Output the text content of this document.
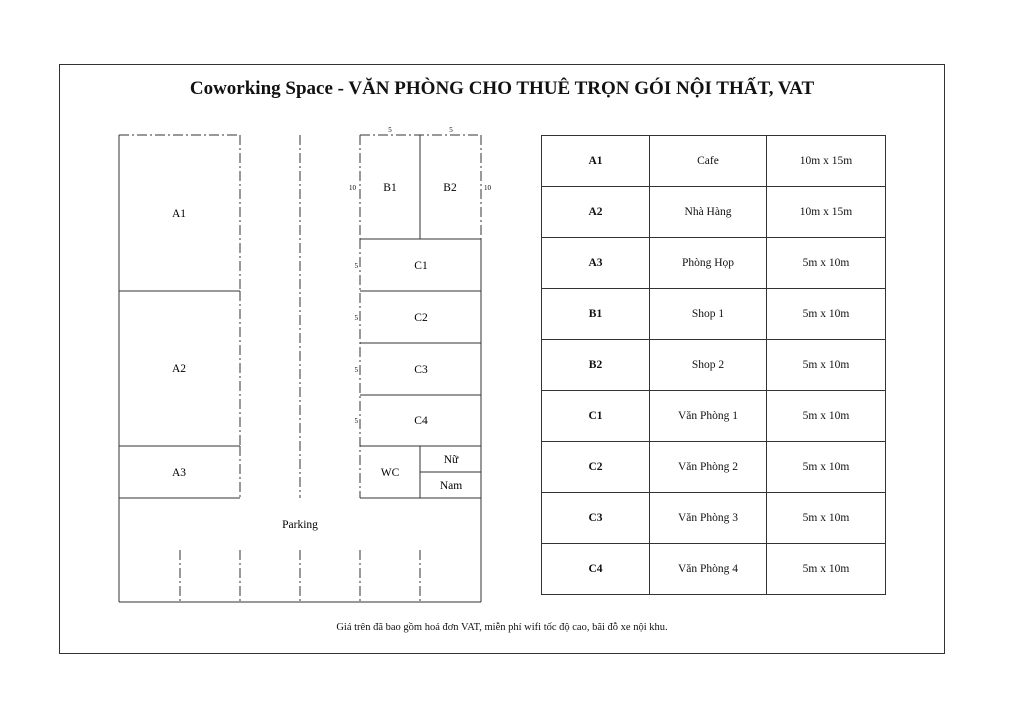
Coworking Space - VĂN PHÒNG CHO THUÊ TRỌN GÓI NỘI THẤT, VAT
A1
A2
A3
B1	B2
C1
C2
C3
C4
WC
Nữ
Nam
Parking
5	5
10	10
5
5
5
5
A1	Cafe	10m x 15m
A2	Nhà Hàng	10m x 15m
A3	Phòng Họp	5m x 10m
B1	Shop 1	5m x 10m
B2	Shop 2	5m x 10m
C1	Văn Phòng 1	5m x 10m
C2	Văn Phòng 2	5m x 10m
C3	Văn Phòng 3	5m x 10m
C4	Văn Phòng 4	5m x 10m
Giá trên đã bao gồm hoá đơn VAT, miễn phí wifi tốc độ cao, bãi đỗ xe nội khu.
